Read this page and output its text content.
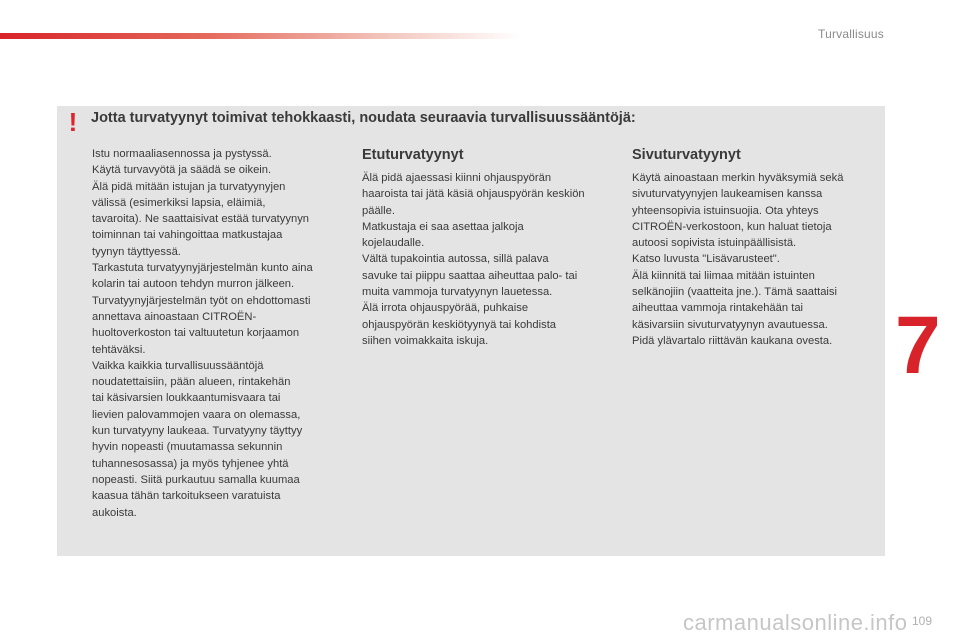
Turvallisuus
! Jotta turvatyynyt toimivat tehokkaasti, noudata seuraavia turvallisuussääntöjä:

Istu normaaliasennossa ja pystyssä.

Käytä turvavyötä ja säädä se oikein.

Älä pidä mitään istujan ja turvatyynyjen

välissä (esimerkiksi lapsia, eläimiä,

tavaroita). Ne saattaisivat estää turvatyynyn

toiminnan tai vahingoittaa matkustajaa

tyynyn täyttyessä.

Tarkastuta turvatyynyjärjestelmän kunto aina

kolarin tai autoon tehdyn murron jälkeen.

Turvatyynyjärjestelmän työt on ehdottomasti

annettava ainoastaan CITROËN-

huoltoverkoston tai valtuutetun korjaamon

tehtäväksi.

Vaikka kaikkia turvallisuussääntöjä

noudatettaisiin, pään alueen, rintakehän

tai käsivarsien loukkaantumisvaara tai

lievien palovammojen vaara on olemassa,

kun turvatyyny laukeaa. Turvatyyny täyttyy

hyvin nopeasti (muutamassa sekunnin

tuhannesosassa) ja myös tyhjenee yhtä

nopeasti. Siitä purkautuu samalla kuumaa

kaasua tähän tarkoitukseen varatuista

aukoista.

Etuturvatyynyt

Älä pidä ajaessasi kiinni ohjauspyörän

haaroista tai jätä käsiä ohjauspyörän keskiön

päälle.

Matkustaja ei saa asettaa jalkoja

kojelaudalle.

Vältä tupakointia autossa, sillä palava

savuke tai piippu saattaa aiheuttaa palo- tai

muita vammoja turvatyynyn lauetessa.

Älä irrota ohjauspyörää, puhkaise

ohjauspyörän keskiötyynyä tai kohdista

siihen voimakkaita iskuja.

Sivuturvatyynyt

Käytä ainoastaan merkin hyväksymiä sekä

sivuturvatyynyjen laukeamisen kanssa

yhteensopivia istuinsuojia. Ota yhteys

CITROËN-verkostoon, kun haluat tietoja

autoosi sopivista istuinpäällisistä.

Katso luvusta "Lisävarusteet".

Älä kiinnitä tai liimaa mitään istuinten

selkänojiin (vaatteita jne.). Tämä saattaisi

aiheuttaa vammoja rintakehään tai

käsivarsiin sivuturvatyynyn avautuessa.

Pidä ylävartalo riittävän kaukana ovesta. 7
carmanualsonline.info 109
